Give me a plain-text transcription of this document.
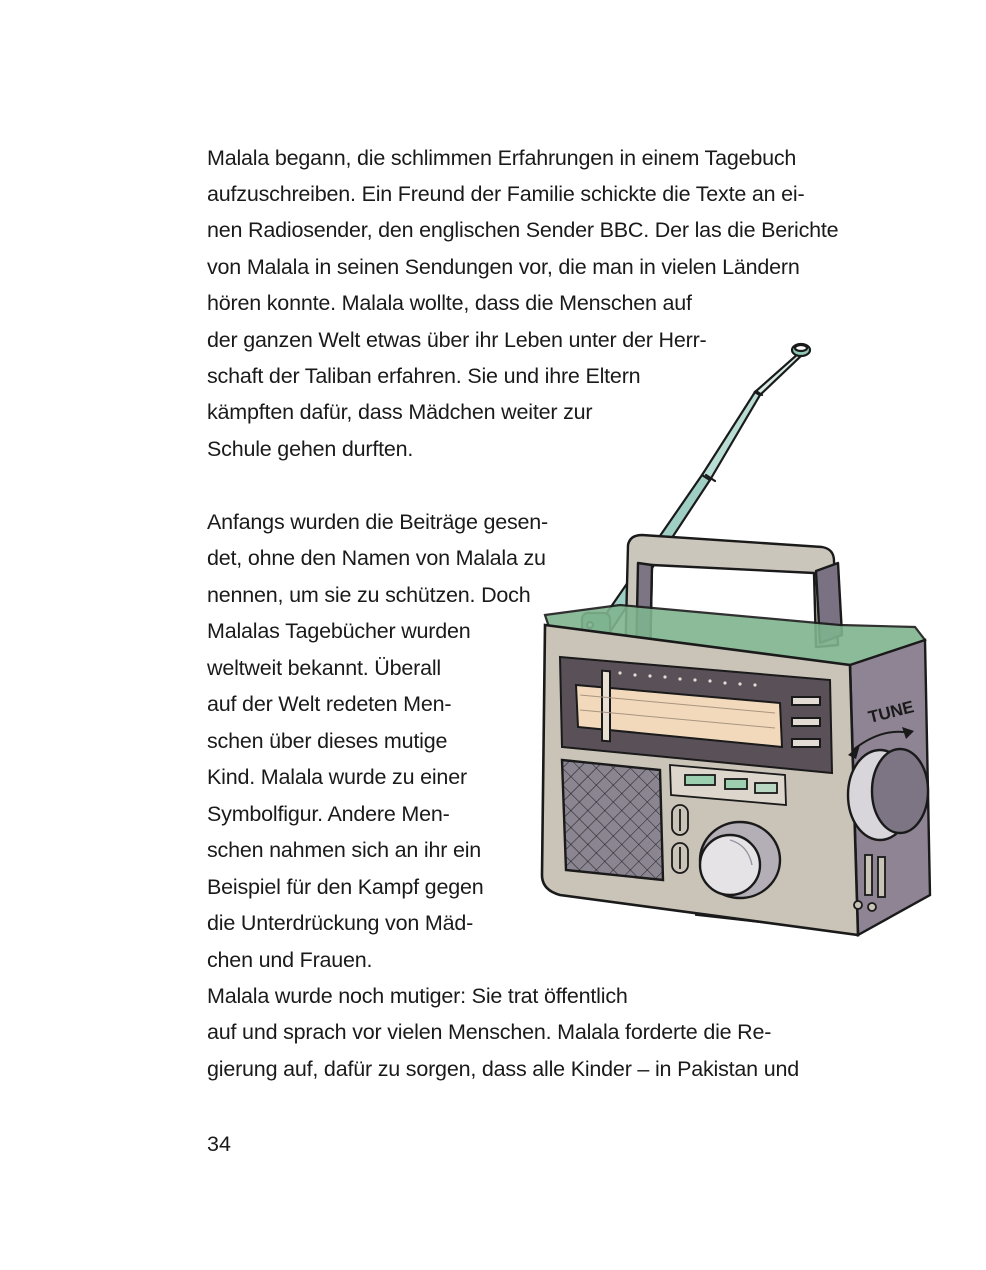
Malala begann, die schlimmen Erfahrungen in einem Tagebuch
aufzuschreiben. Ein Freund der Familie schickte die Texte an ei-
nen Radiosender, den englischen Sender BBC. Der las die Berichte
von Malala in seinen Sendungen vor, die man in vielen Ländern
hören konnte. Malala wollte, dass die Menschen auf
der ganzen Welt etwas über ihr Leben unter der Herr-
schaft der Taliban erfahren. Sie und ihre Eltern
kämpften dafür, dass Mädchen weiter zur
Schule gehen durften.
Anfangs wurden die Beiträge gesen-
det, ohne den Namen von Malala zu
nennen, um sie zu schützen. Doch
Malalas Tagebücher wurden
weltweit bekannt. Überall
auf der Welt redeten Men-
schen über dieses mutige
Kind. Malala wurde zu einer
Symbolfigur. Andere Men-
schen nahmen sich an ihr ein
Beispiel für den Kampf gegen
die Unterdrückung von Mäd-
chen und Frauen.
Malala wurde noch mutiger: Sie trat öffentlich
auf und sprach vor vielen Menschen. Malala forderte die Re-
gierung auf, dafür zu sorgen, dass alle Kinder – in Pakistan und
TUNE
34
